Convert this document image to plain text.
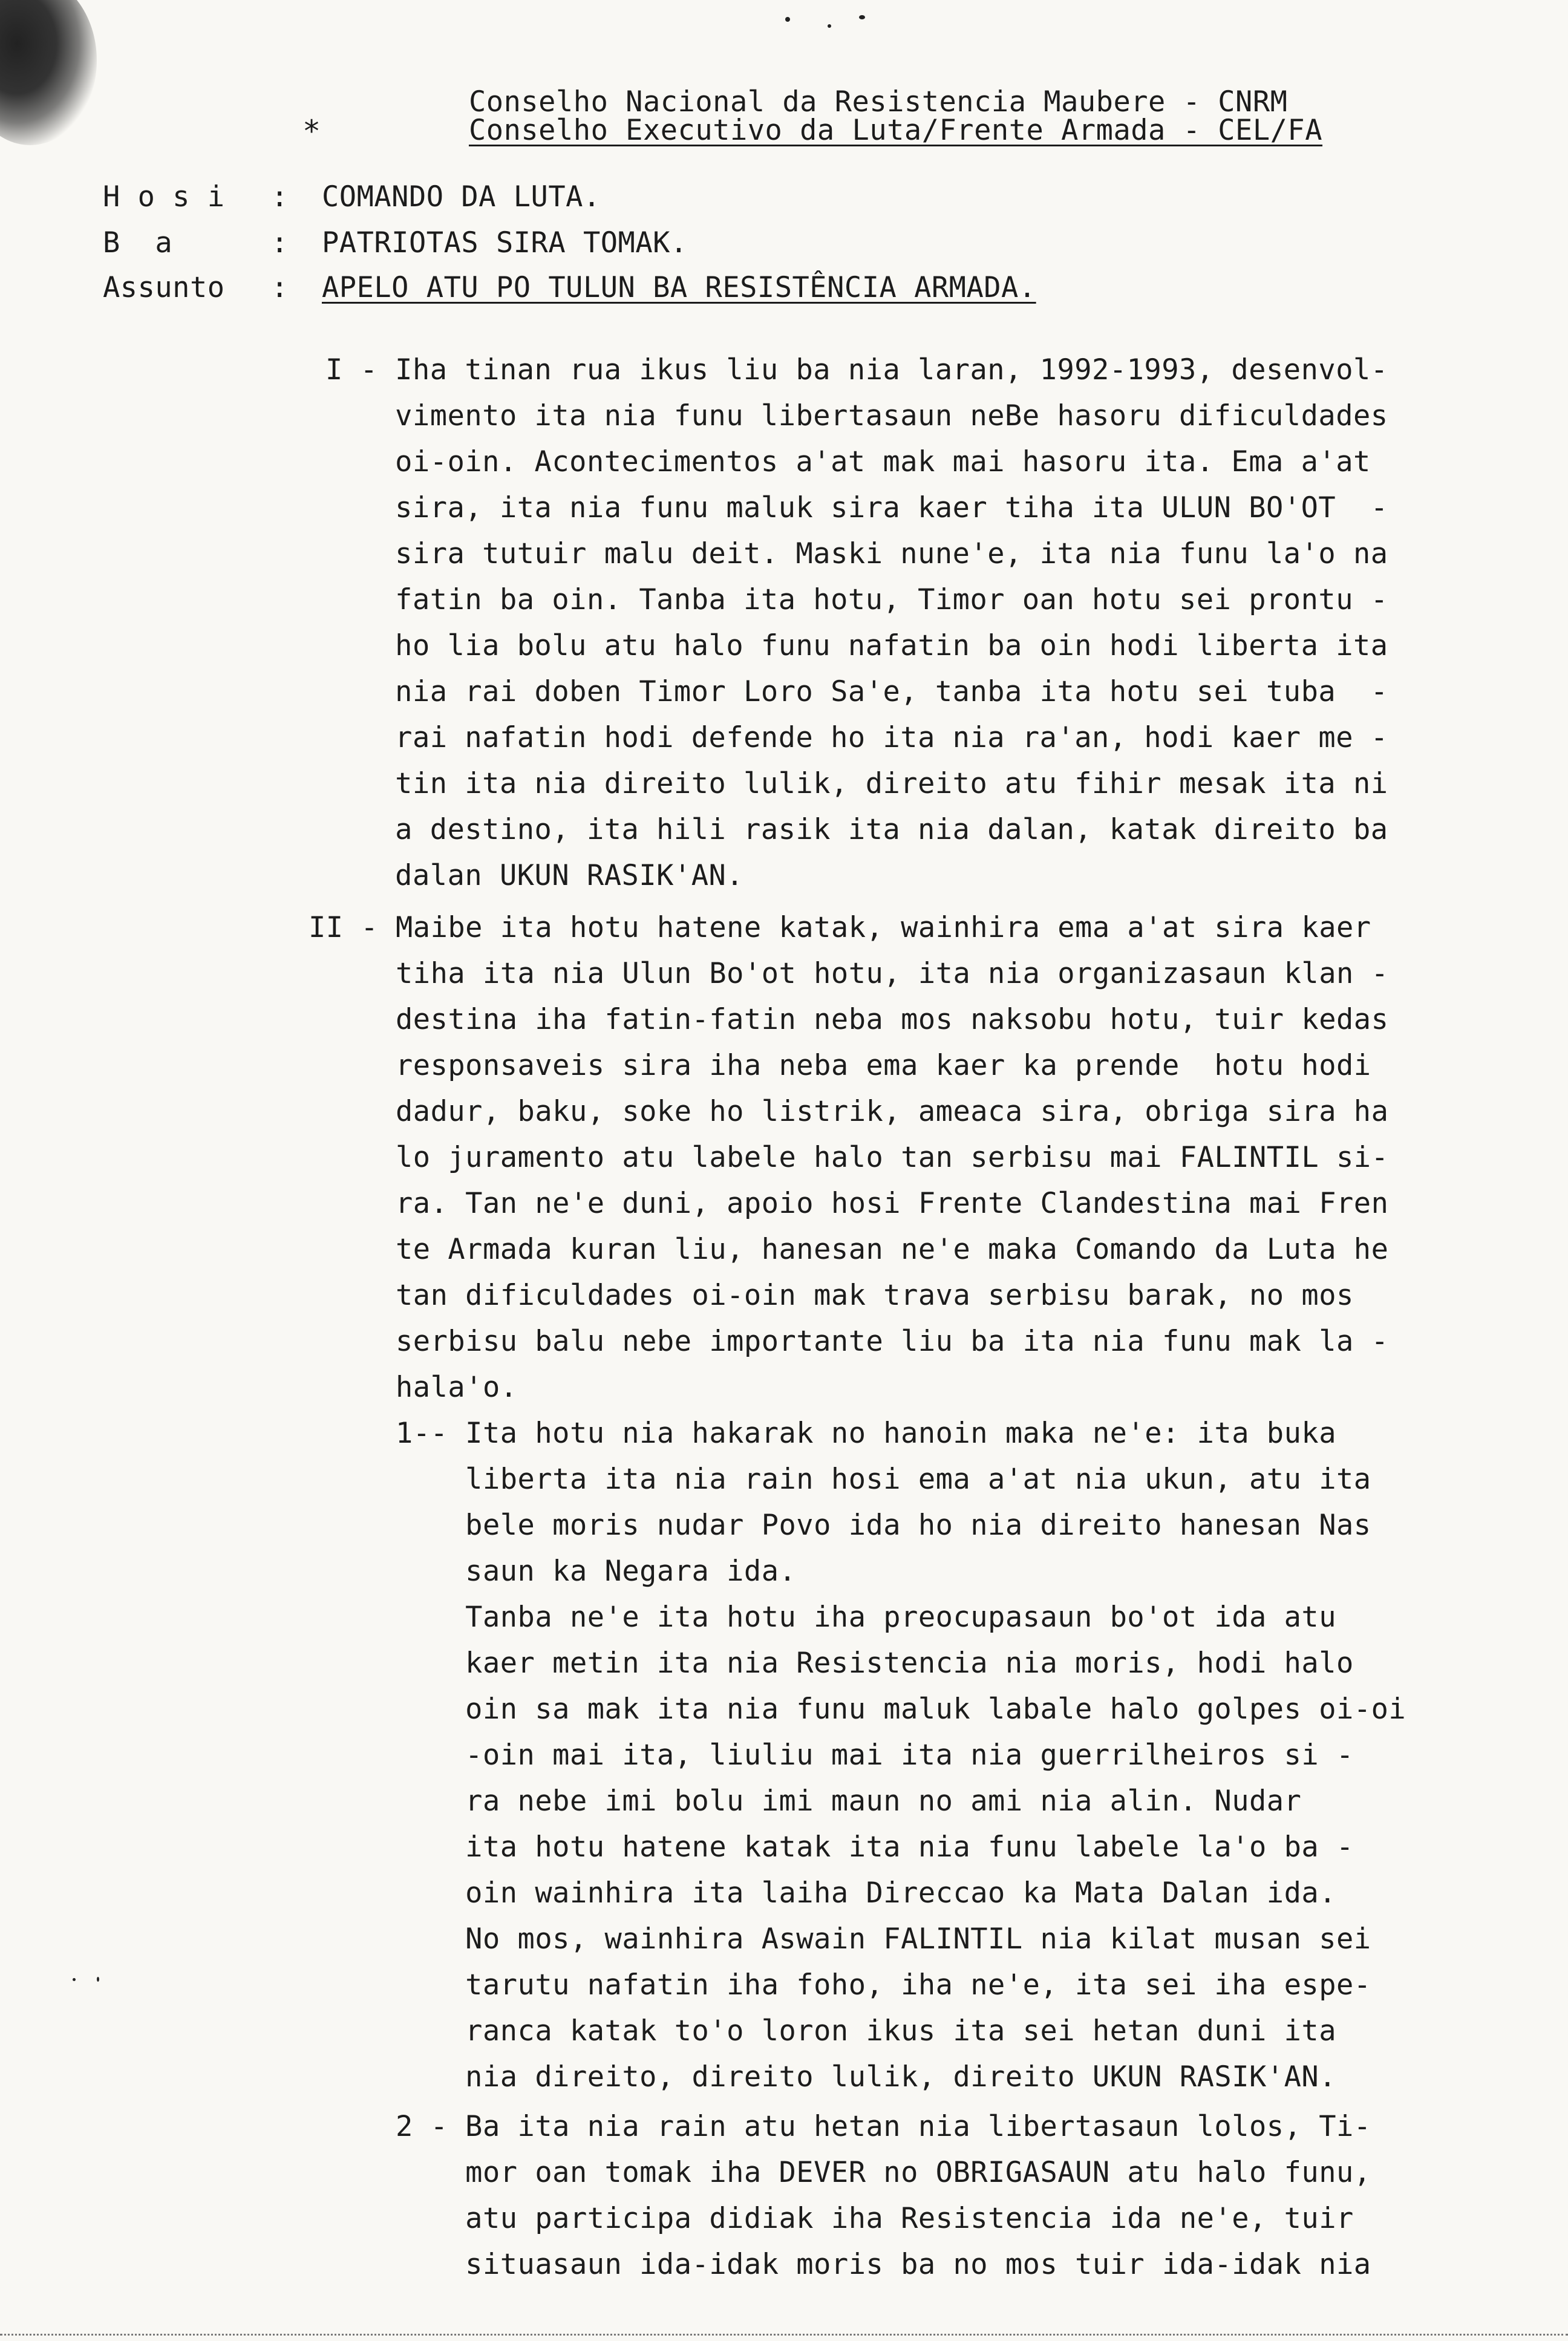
Conselho Nacional da Resistencia Maubere - CNRM
*	Conselho Executivo da Luta/Frente Armada - CEL/FA
H o s i : COMANDO DA LUTA.
B  a	: PATRIOTAS SIRA TOMAK.
Assunto : APELO ATU PO TULUN BA RESISTÊNCIA ARMADA.
I - Iha tinan rua ikus liu ba nia laran, 1992-1993, desenvol-
vimento ita nia funu libertasaun neBe hasoru dificuldades
oi-oin. Acontecimentos a'at mak mai hasoru ita. Ema a'at
sira, ita nia funu maluk sira kaer tiha ita ULUN BO'OT  -
sira tutuir malu deit. Maski nune'e, ita nia funu la'o na
fatin ba oin. Tanba ita hotu, Timor oan hotu sei prontu -
ho lia bolu atu halo funu nafatin ba oin hodi liberta ita
nia rai doben Timor Loro Sa'e, tanba ita hotu sei tuba  -
rai nafatin hodi defende ho ita nia ra'an, hodi kaer me -
tin ita nia direito lulik, direito atu fihir mesak ita ni
a destino, ita hili rasik ita nia dalan, katak direito ba
dalan UKUN RASIK'AN.
II - Maibe ita hotu hatene katak, wainhira ema a'at sira kaer
tiha ita nia Ulun Bo'ot hotu, ita nia organizasaun klan -
destina iha fatin-fatin neba mos naksobu hotu, tuir kedas
responsaveis sira iha neba ema kaer ka prende  hotu hodi
dadur, baku, soke ho listrik, ameaca sira, obriga sira ha
lo juramento atu labele halo tan serbisu mai FALINTIL si-
ra. Tan ne'e duni, apoio hosi Frente Clandestina mai Fren
te Armada kuran liu, hanesan ne'e maka Comando da Luta he
tan dificuldades oi-oin mak trava serbisu barak, no mos
serbisu balu nebe importante liu ba ita nia funu mak la -
hala'o.
1-- Ita hotu nia hakarak no hanoin maka ne'e: ita buka
liberta ita nia rain hosi ema a'at nia ukun, atu ita
bele moris nudar Povo ida ho nia direito hanesan Nas
saun ka Negara ida.
Tanba ne'e ita hotu iha preocupasaun bo'ot ida atu
kaer metin ita nia Resistencia nia moris, hodi halo
oin sa mak ita nia funu maluk labale halo golpes oi-oi
-oin mai ita, liuliu mai ita nia guerrilheiros si -
ra nebe imi bolu imi maun no ami nia alin. Nudar
ita hotu hatene katak ita nia funu labele la'o ba -
oin wainhira ita laiha Direccao ka Mata Dalan ida.
No mos, wainhira Aswain FALINTIL nia kilat musan sei
tarutu nafatin iha foho, iha ne'e, ita sei iha espe-
ranca katak to'o loron ikus ita sei hetan duni ita
nia direito, direito lulik, direito UKUN RASIK'AN.
2 - Ba ita nia rain atu hetan nia libertasaun lolos, Ti-
mor oan tomak iha DEVER no OBRIGASAUN atu halo funu,
atu participa didiak iha Resistencia ida ne'e, tuir
situasaun ida-idak moris ba no mos tuir ida-idak nia
